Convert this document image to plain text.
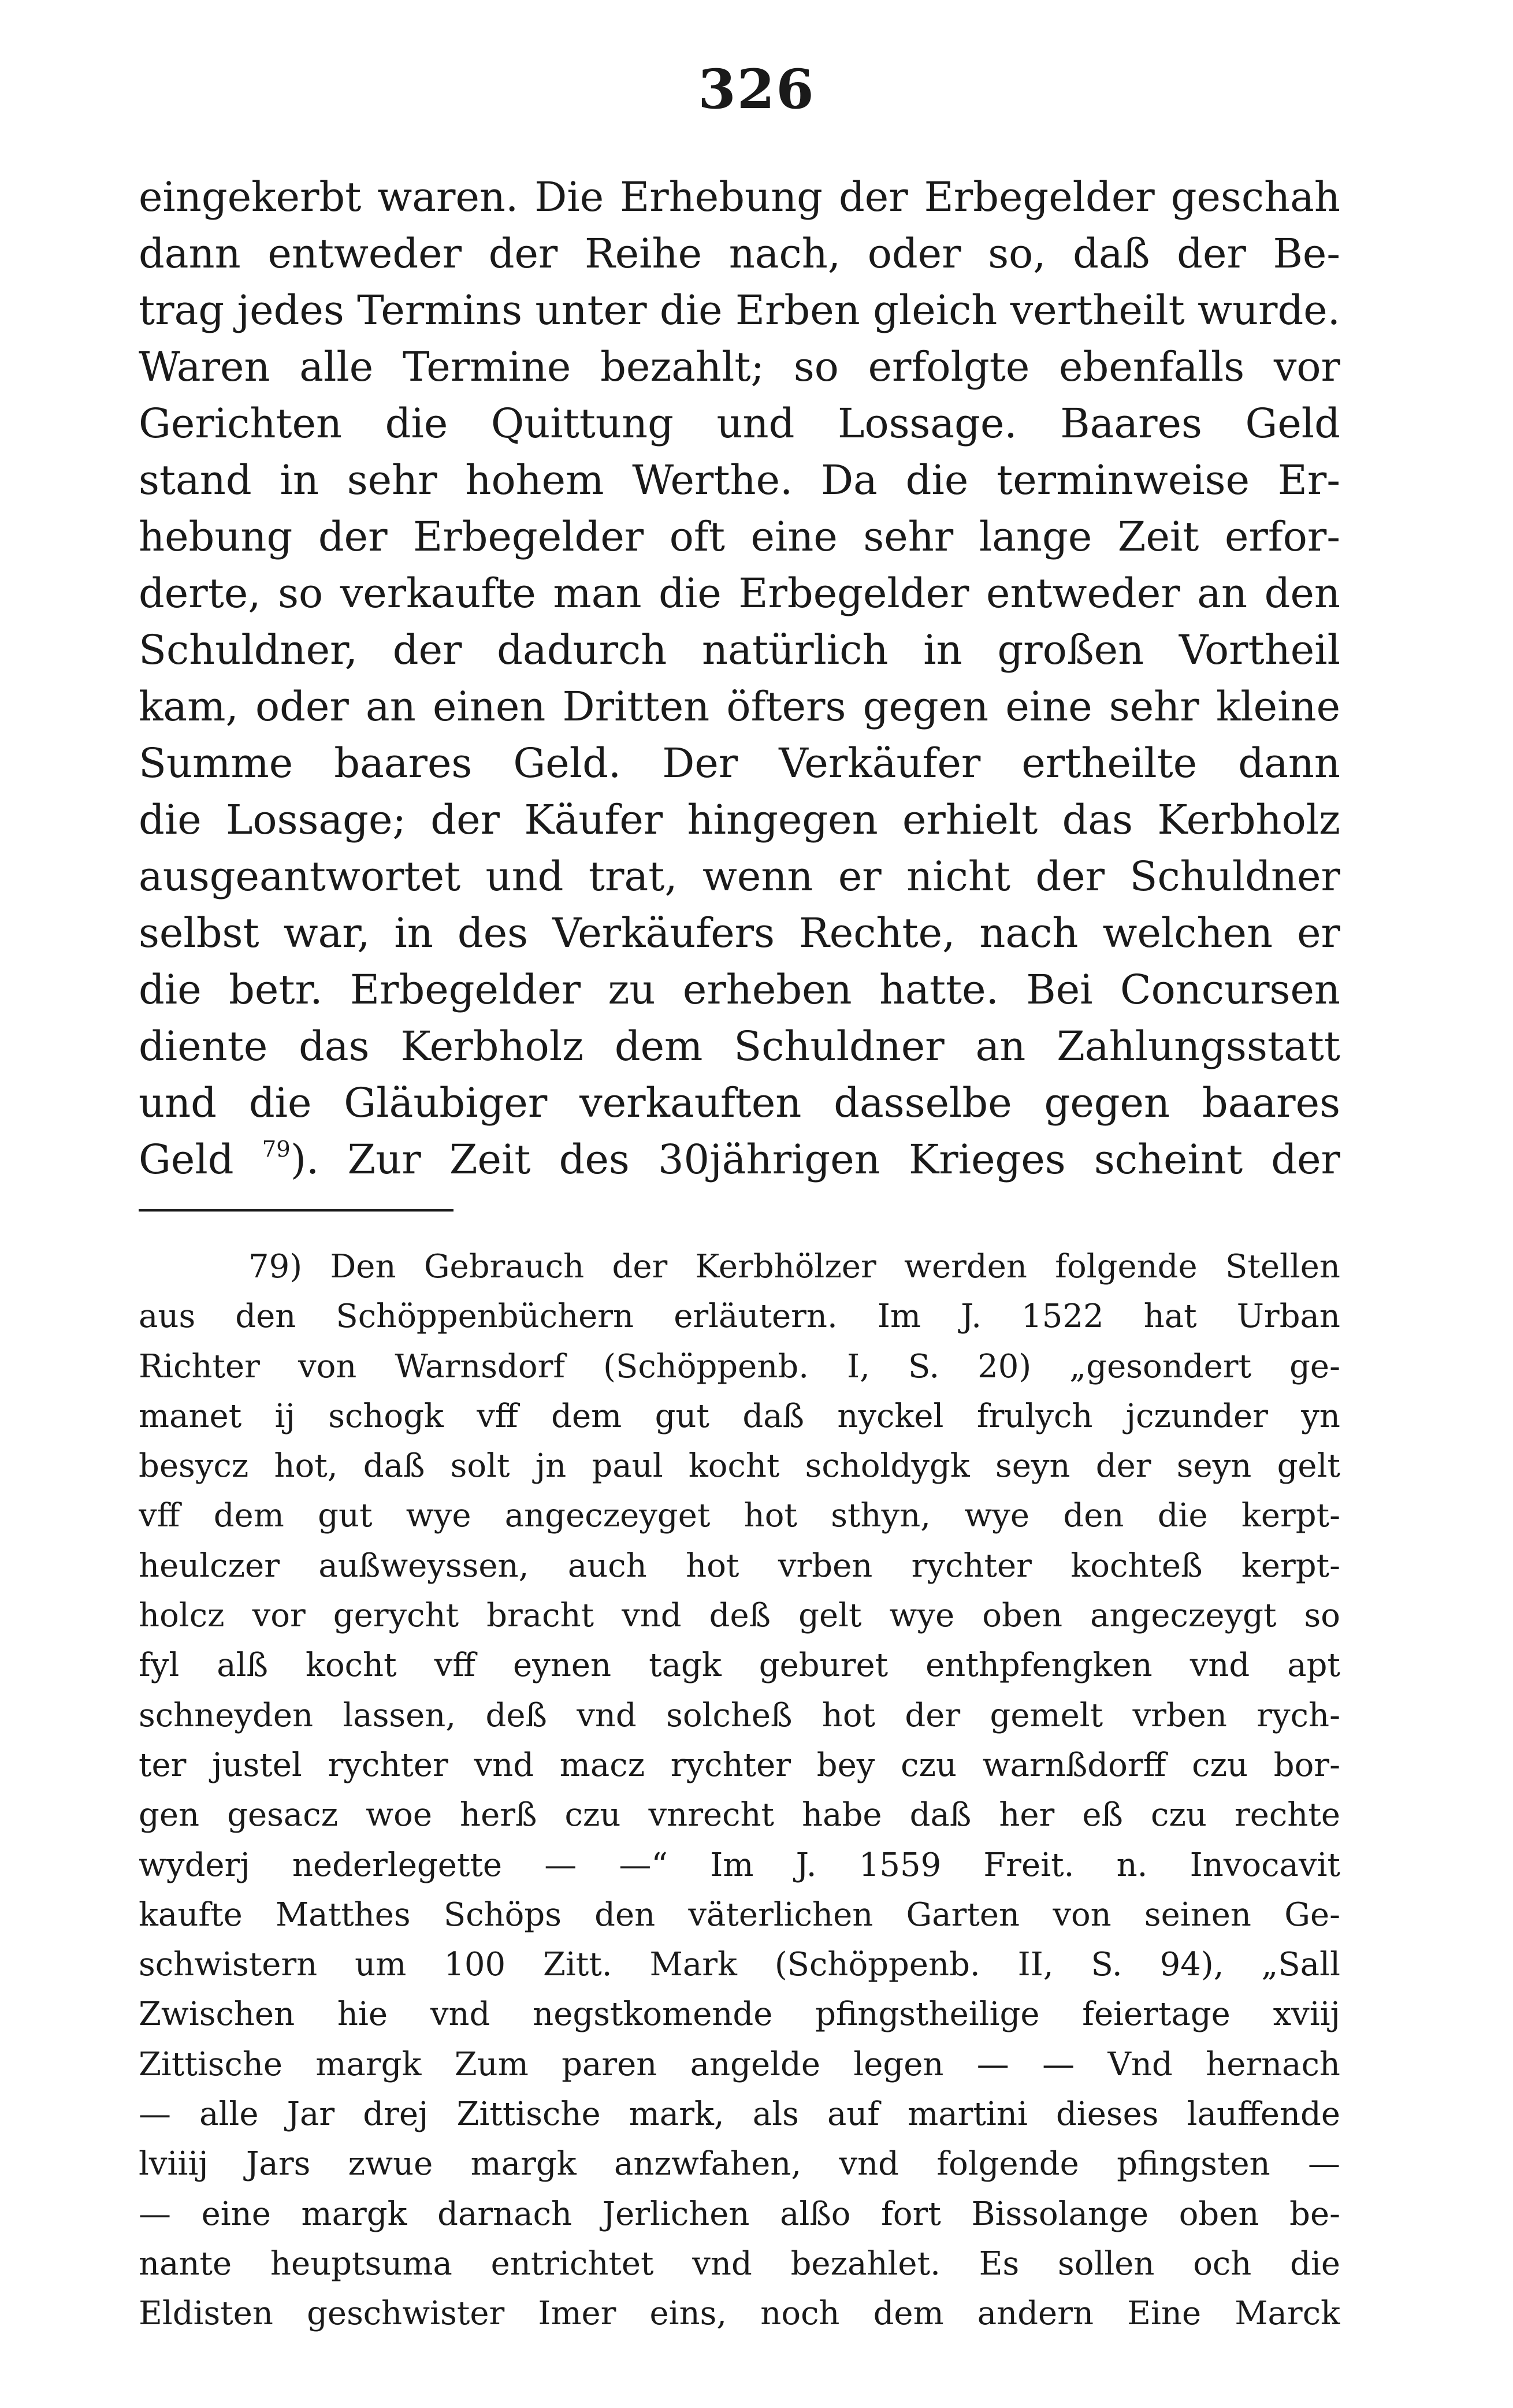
326
eingekerbt waren. Die Erhebung der Erbegelder geschah
dann entweder der Reihe nach, oder so, daß der Be-
trag jedes Termins unter die Erben gleich vertheilt wurde.
Waren alle Termine bezahlt; so erfolgte ebenfalls vor
Gerichten die Quittung und Lossage. Baares Geld
stand in sehr hohem Werthe. Da die terminweise Er-
hebung der Erbegelder oft eine sehr lange Zeit erfor-
derte, so verkaufte man die Erbegelder entweder an den
Schuldner, der dadurch natürlich in großen Vortheil
kam, oder an einen Dritten öfters gegen eine sehr kleine
Summe baares Geld. Der Verkäufer ertheilte dann
die Lossage; der Käufer hingegen erhielt das Kerbholz
ausgeantwortet und trat, wenn er nicht der Schuldner
selbst war, in des Verkäufers Rechte, nach welchen er
die betr. Erbegelder zu erheben hatte. Bei Concursen
diente das Kerbholz dem Schuldner an Zahlungsstatt
und die Gläubiger verkauften dasselbe gegen baares
Geld $^{79}$). Zur Zeit des 30jährigen Krieges scheint der
79) Den Gebrauch der Kerbhölzer werden folgende Stellen
aus den Schöppenbüchern erläutern. Im J. 1522 hat Urban
Richter von Warnsdorf (Schöppenb. I, S. 20) „gesondert ge-
manet ij schogk vff dem gut daß nyckel frulych jczunder yn
besycz hot, daß solt jn paul kocht scholdygk seyn der seyn gelt
vff dem gut wye angeczeyget hot sthyn, wye den die kerpt-
heulczer außweyssen, auch hot vrben rychter kochteß kerpt-
holcz vor gerycht bracht vnd deß gelt wye oben angeczeygt so
fyl alß kocht vff eynen tagk geburet enthpfengken vnd apt
schneyden lassen, deß vnd solcheß hot der gemelt vrben rych-
ter justel rychter vnd macz rychter bey czu warnßdorff czu bor-
gen gesacz woe herß czu vnrecht habe daß her eß czu rechte
wyderj nederlegette — —“ Im J. 1559 Freit. n. Invocavit
kaufte Matthes Schöps den väterlichen Garten von seinen Ge-
schwistern um 100 Zitt. Mark (Schöppenb. II, S. 94), „Sall
Zwischen hie vnd negstkomende pfingstheilige feiertage xviij
Zittische margk Zum paren angelde legen — — Vnd hernach
— alle Jar drej Zittische mark, als auf martini dieses lauffende
lviiij Jars zwue margk anzwfahen, vnd folgende pfingsten —
— eine margk darnach Jerlichen alßo fort Bissolange oben be-
nante heuptsuma entrichtet vnd bezahlet. Es sollen och die
Eldisten geschwister Imer eins, noch dem andern Eine Marck
